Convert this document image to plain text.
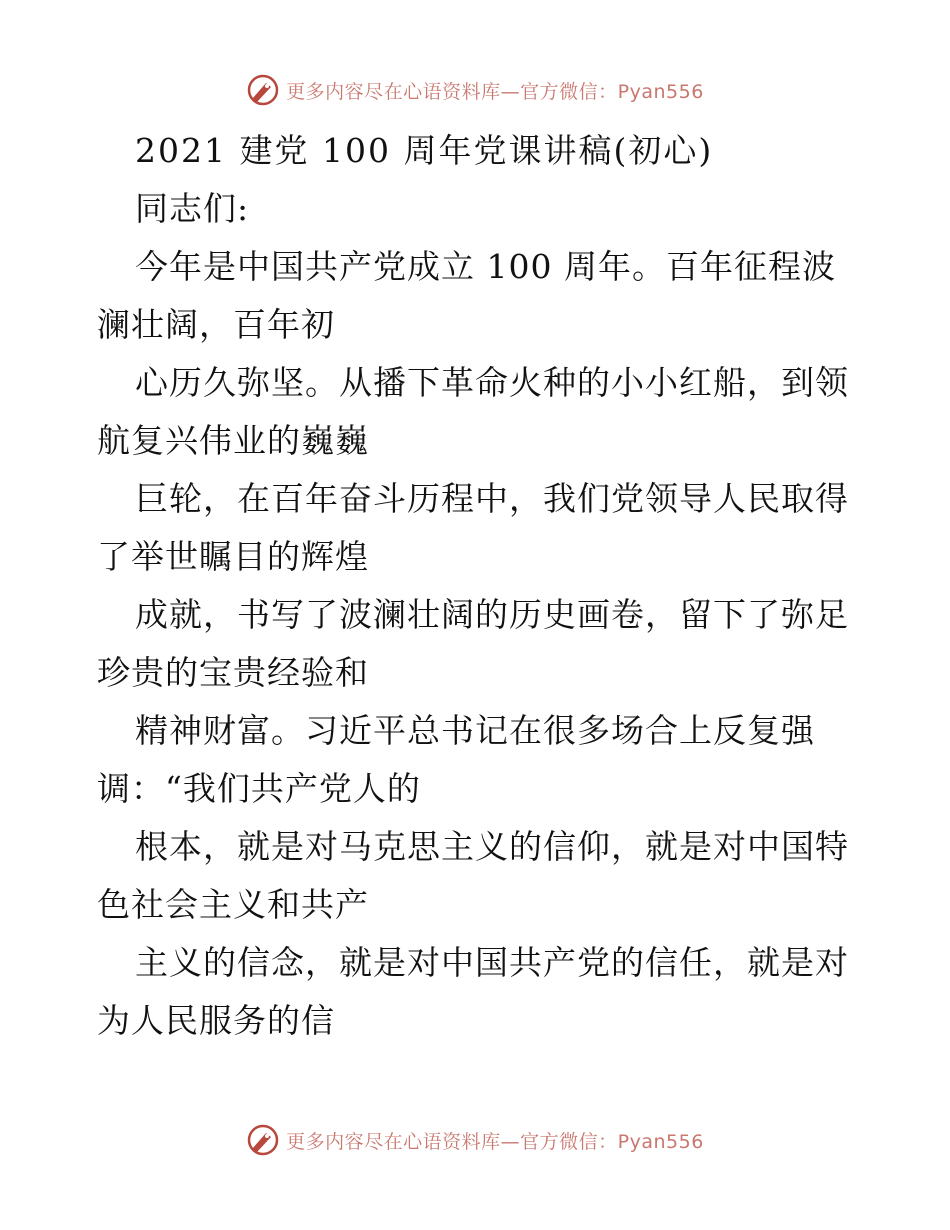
更多内容尽在心语资料库—官方微信：Pyan556
2021 建党 100 周年党课讲稿(初心)
同志们:
今年是中国共产党成立 100 周年。百年征程波
澜壮阔，百年初
心历久弥坚。从播下革命火种的小小红船，到领
航复兴伟业的巍巍
巨轮，在百年奋斗历程中，我们党领导人民取得
了举世瞩目的辉煌
成就，书写了波澜壮阔的历史画卷，留下了弥足
珍贵的宝贵经验和
精神财富。习近平总书记在很多场合上反复强
调：“我们共产党人的
根本，就是对马克思主义的信仰，就是对中国特
色社会主义和共产
主义的信念，就是对中国共产党的信任，就是对
为人民服务的信
更多内容尽在心语资料库—官方微信：Pyan556
